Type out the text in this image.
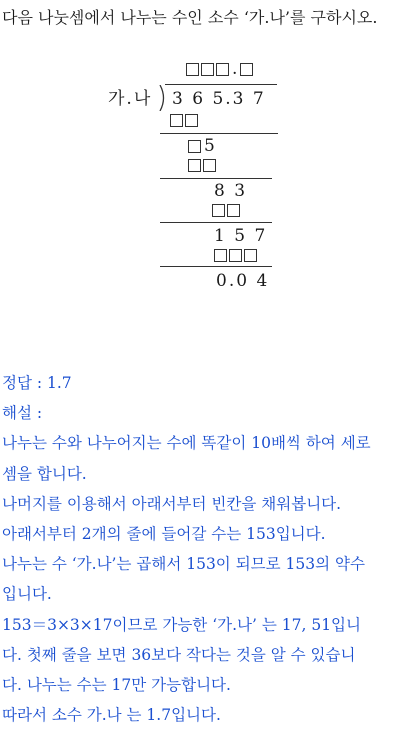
다음 나눗셈에서 나누는 수인 소수 ‘가.나’를 구하시오.

.
가.나 3 6 5.3 7
5
8 3
1 5 7
0.0 4
정답 : 1.7
해설 :
나누는 수와 나누어지는 수에 똑같이 10배씩 하여 세로
셈을 합니다.
나머지를 이용해서 아래서부터 빈칸을 채워봅니다.
아래서부터 2개의 줄에 들어갈 수는 153입니다.
나누는 수 ‘가.나’는 곱해서 153이 되므로 153의 약수
입니다.
153＝3×3×17이므로 가능한 ‘가.나’ 는 17, 51입니
다. 첫째 줄을 보면 36보다 작다는 것을 알 수 있습니
다. 나누는 수는 17만 가능합니다.
따라서 소수 가.나 는 1.7입니다.
